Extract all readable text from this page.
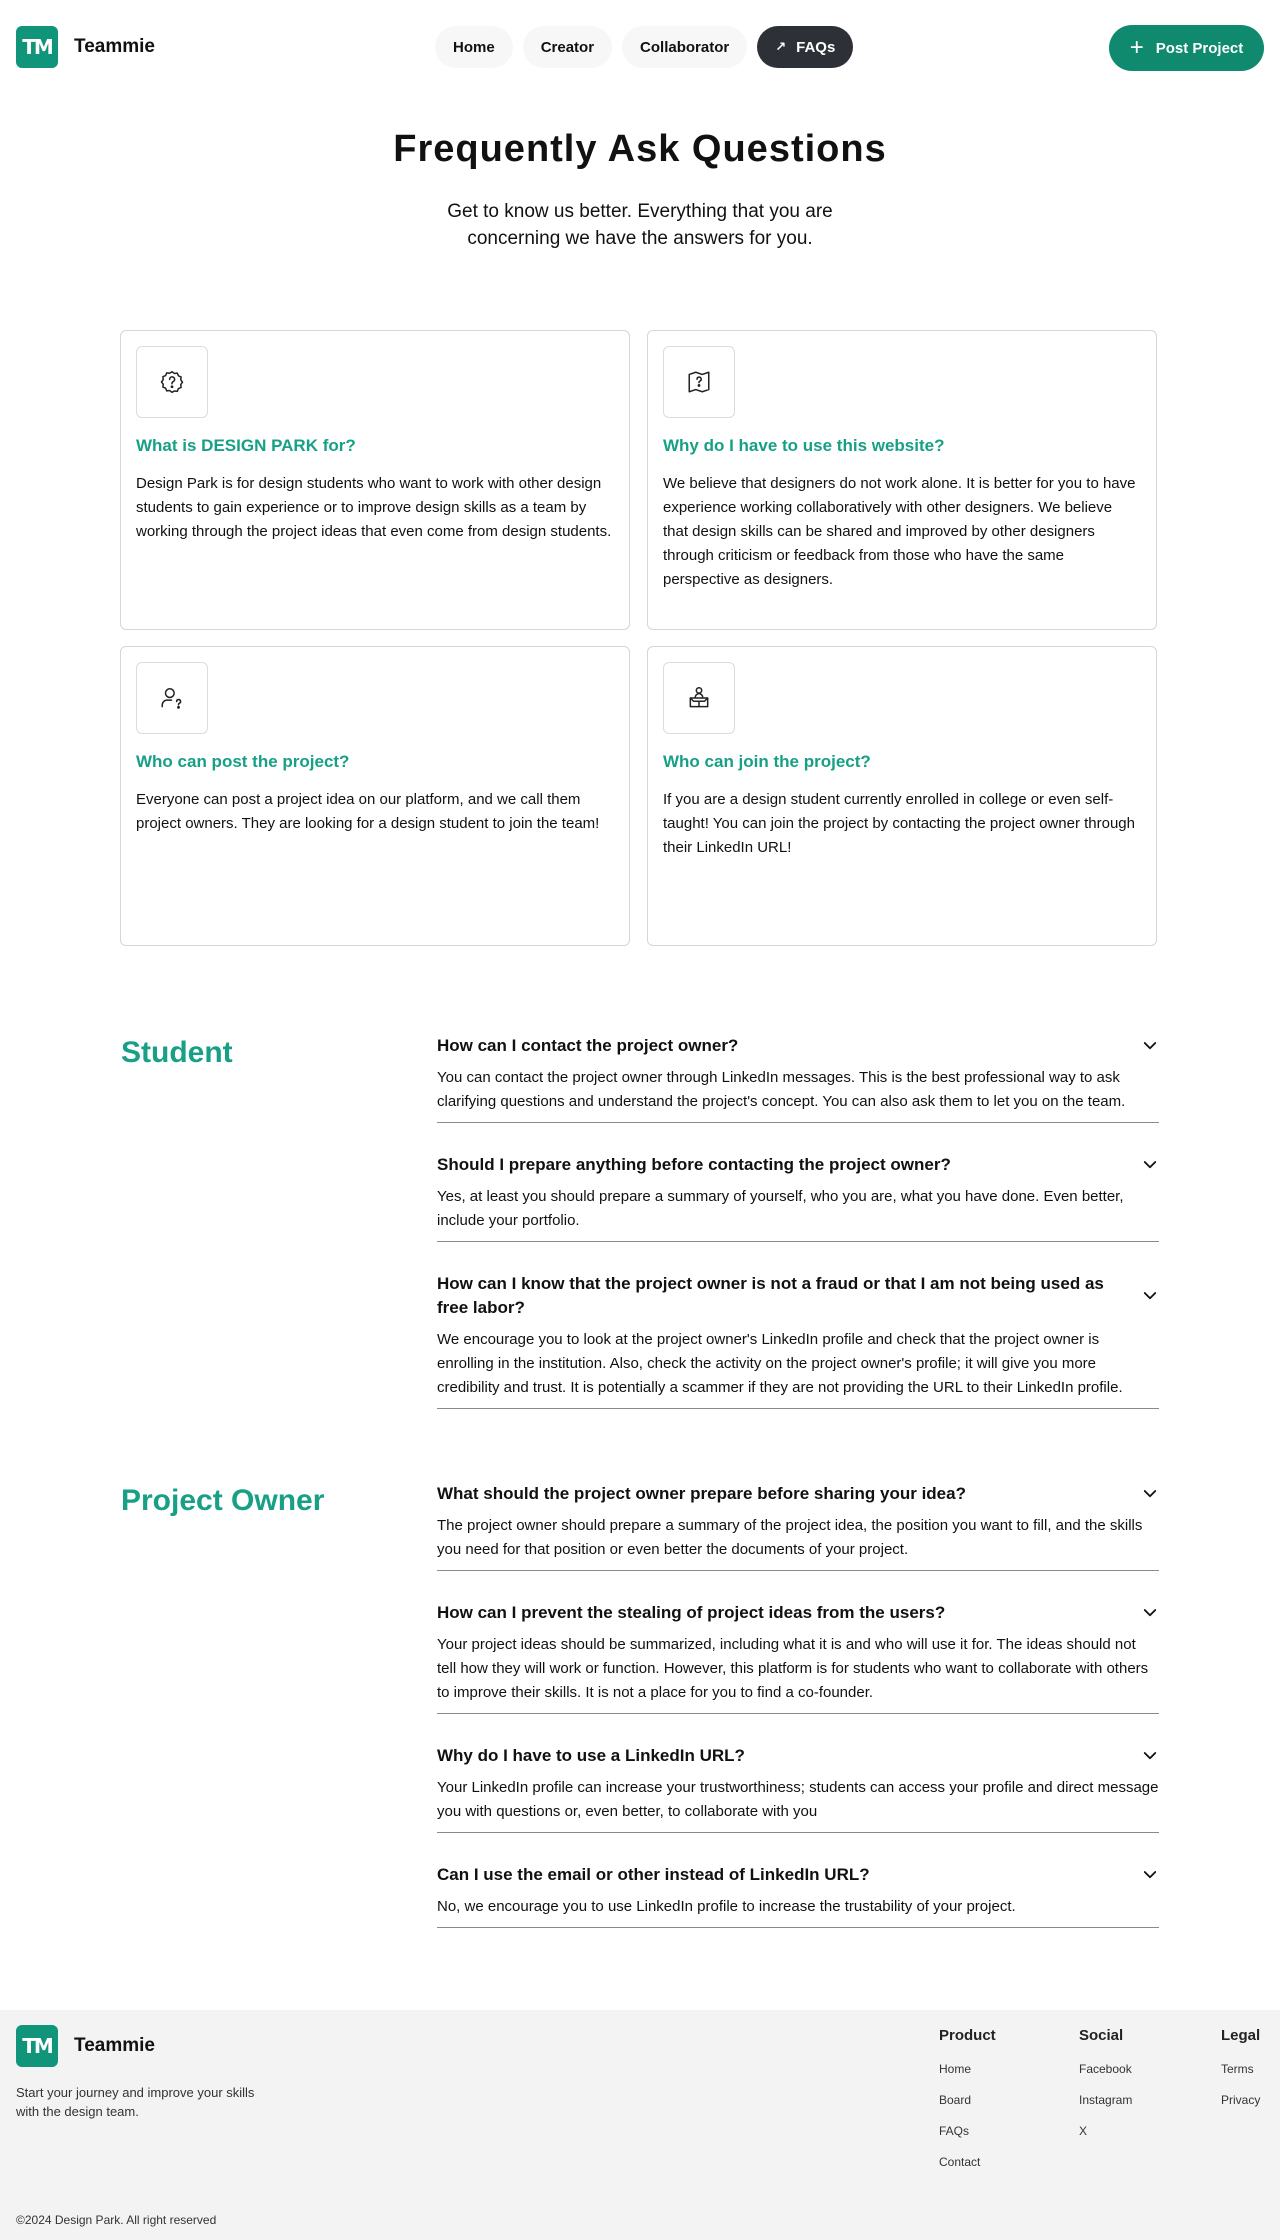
TM	Teammie	Home	Creator	Collaborator	↗ FAQs	+ Post Project
Frequently Ask Questions

Get to know us better. Everything that you are concerning we have the answers for you.

What is DESIGN PARK for?
Design Park is for design students who want to work with other design students to gain experience or to improve design skills as a team by working through the project ideas that even come from design students.
Why do I have to use this website?
We believe that designers do not work alone. It is better for you to have experience working collaboratively with other designers. We believe that design skills can be shared and improved by other designers through criticism or feedback from those who have the same perspective as designers.
Who can post the project?
Everyone can post a project idea on our platform, and we call them project owners. They are looking for a design student to join the team!
Who can join the project?
If you are a design student currently enrolled in college or even self-taught! You can join the project by contacting the project owner through their LinkedIn URL!
Student	How can I contact the project owner?
You can contact the project owner through LinkedIn messages. This is the best professional way to ask clarifying questions and understand the project's concept. You can also ask them to let you on the team.
Should I prepare anything before contacting the project owner?
Yes, at least you should prepare a summary of yourself, who you are, what you have done. Even better, include your portfolio.
How can I know that the project owner is not a fraud or that I am not being used as free labor?
We encourage you to look at the project owner's LinkedIn profile and check that the project owner is enrolling in the institution. Also, check the activity on the project owner's profile; it will give you more credibility and trust. It is potentially a scammer if they are not providing the URL to their LinkedIn profile.
Project Owner	What should the project owner prepare before sharing your idea?
The project owner should prepare a summary of the project idea, the position you want to fill, and the skills you need for that position or even better the documents of your project.
How can I prevent the stealing of project ideas from the users?
Your project ideas should be summarized, including what it is and who will use it for. The ideas should not tell how they will work or function. However, this platform is for students who want to collaborate with others to improve their skills. It is not a place for you to find a co-founder.
Why do I have to use a LinkedIn URL?
Your LinkedIn profile can increase your trustworthiness; students can access your profile and direct message you with questions or, even better, to collaborate with you
Can I use the email or other instead of LinkedIn URL?
No, we encourage you to use LinkedIn profile to increase the trustability of your project.
TM	Teammie
Start your journey and improve your skills with the design team.
Product
Home
Board
FAQs
Contact
Social
Facebook
Instagram
X
Legal
Terms
Privacy
©2024 Design Park. All right reserved
